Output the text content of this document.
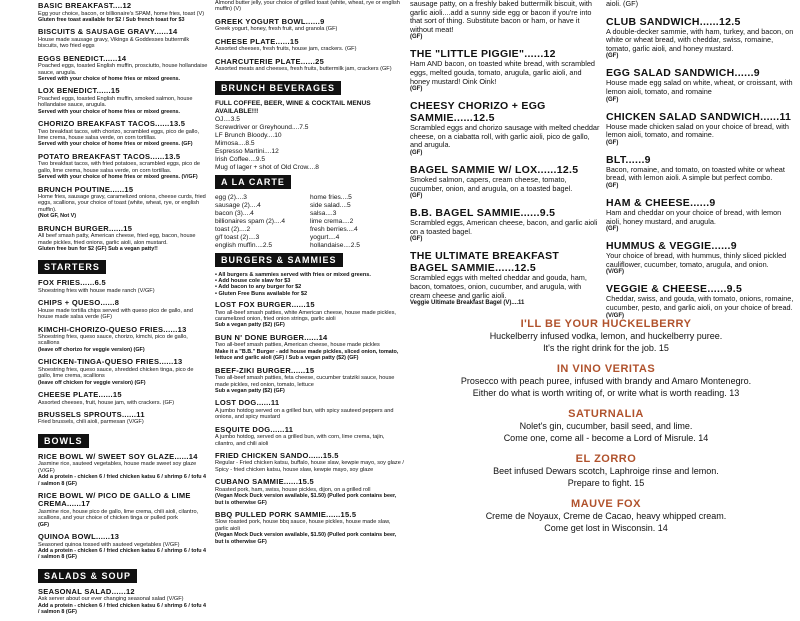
BASIC BREAKFAST....12
Egg your choice, bacon, or billionaire's SPAM, home fries, toast (V)
Gluten free toast available for $2 / Sub french toast for $3
BISCUITS & SAUSAGE GRAVY......14
House made sausage gravy, Vikings & Goddesses buttermilk biscuits, two fried eggs
EGGS BENEDICT......14
Poached eggs, toasted English muffin, prosciutto, house hollandaise sauce, arugula.
Served with your choice of home fries or mixed greens.
LOX BENEDICT......15
Poached eggs, toasted English muffin, smoked salmon, house hollandaise sauce, arugula.
Served with your choice of home fries or mixed greens.
CHORIZO BREAKFAST TACOS......13.5
Two breakfast tacos, with chorizo, scrambled eggs, pico de gallo, lime crema, house salsa verde, on corn tortillas.
Served with your choice of home fries or mixed greens. (GF)
POTATO BREAKFAST TACOS......13.5
Two breakfast tacos, with fried potatoes, scrambled eggs, pico de gallo, lime crema, house salsa verde, on corn tortillas.
Served with your choice of home fries or mixed greens. (V/GF)
BRUNCH POUTINE......15
Home fries, sausage gravy, caramelized onions, cheese curds, fried eggs, scallions, your choice of toast (white, wheat, rye, or english muffin).
(Not GF, Not V)
BRUNCH BURGER......15
All beef smash patty, American cheese, fried egg, bacon, house made pickles, fried onions, garlic aioli, alon mustard.
Gluten free bun for $2 (GF) Sub a vegan patty!!
STARTERS
FOX FRIES......6.5
Shoestring fries with house made ranch (V/GF)
CHIPS + QUESO......8
House made tortilla chips served with queso pico de gallo, and house made salsa verde (GF)
KIMCHI-CHORIZO-QUESO FRIES......13
Shoestring fries, queso sauce, chorizo, kimchi, pico de gallo, scallions
(leave off chorizo for veggie version) (GF)
CHICKEN-TINGA-QUESO FRIES......13
Shoestring fries, queso sauce, shredded chicken tinga, pico de gallo, lime crema, scallions
(leave off chicken for veggie version) (GF)
CHEESE PLATE......15
Assorted cheeses, fruit, house jam, with crackers. (GF)
BRUSSELS SPROUTS......11
Fried brussels, chili aioli, parmesan (V/GF)
BOWLS
RICE BOWL W/ SWEET SOY GLAZE......14
Jasmine rice, sauteed vegetables, house made sweet soy glaze (V/GF)
Add a protein - chicken 6 / fried chicken katsu 6 / shrimp 6 / tofu 4 / salmon 8 (GF)
RICE BOWL W/ PICO DE GALLO & LIME CREMA......17
Jasmine rice, house pico de gallo, lime crema, chili aioli, cilantro, scallions, and your choice of chicken tinga or pulled pork
(GF)
QUINOA BOWL......13
Seasoned quinoa tossed with sauteed vegetables (V/GF)
Add a protein - chicken 6 / fried chicken katsu 6 / shrimp 6 / tofu 4 / salmon 8 (GF)
SALADS & SOUP
SEASONAL SALAD......12
Ask server about our ever changing seasonal salad (V/GF)
Add a protein - chicken 6 / fried chicken katsu 6 / shrimp 6 / tofu 4 / salmon 8 (GF)
Almond butter jelly, your choice of grilled toast (white, wheat, rye or english muffin) (V)
GREEK YOGURT BOWL......9
Greek yogurt, honey, fresh fruit, and granola (GF)
CHEESE PLATE......15
Assorted cheeses, fresh fruits, house jam, crackers. (GF)
CHARCUTERIE PLATE......25
Assorted meats and cheeses, fresh fruits, buttermilk jam, crackers (GF)
BRUNCH BEVERAGES
FULL COFFEE, BEER, WINE & COCKTAIL MENUS AVAILABLE!!!
OJ....3.5
Screwdriver or Greyhound....7.5
LF Brunch Bloody....10
Mimosa....8.5
Espresso Martini....12
Irish Coffee....9.5
Mug of lager + shot of Old Crow....8
A LA CARTE
egg (2)....3
sausage (2)....4
bacon (3)....4
billionaires spam (2)....4
toast (2)....2
g/f toast (2)....3
english muffin....2.5
home fries....5
side salad....5
salsa....3
lime crema....2
fresh berries....4
yogurt....4
hollandaise....2.5
BURGERS & SAMMIES
• All burgers & sammies served with fries or mixed greens.
• Add house cole slaw for $3
• Add bacon to any burger for $2
• Gluten Free Buns available for $2
LOST FOX BURGER......15
Two all-beef smash patties, white American cheese, house made pickles, caramelized onion, fried onion strings, garlic aioli
Sub a vegan patty ($2) (GF)
BUN N' DONE BURGER......14
Two all-beef smash patties, American cheese, house made pickles
Make it a "B.B." Burger - add house made pickles, sliced onion, tomato, lettuce and garlic aioli (GF) / Sub a vegan patty ($2) (GF)
BEEF-ZIKI BURGER......15
Two all-beef smash patties, feta cheese, cucumber tzatziki sauce, house made pickles, red onion, tomato, lettuce
Sub a vegan patty ($2) (GF)
LOST DOG......11
A jumbo hotdog served on a grilled bun, with spicy sauteed peppers and onions, and spicy mustard
ESQUITE DOG......11
A jumbo hotdog, served on a grilled bun, with corn, lime crema, tajin, cilantro, and chili aioli
FRIED CHICKEN SANDO......15.5
Regular - Fried chicken katsu, buffalo, house slaw, kewpie mayo, soy glaze / Spicy - fried chicken katsu, house slaw, kewpie mayo, soy glaze
CUBANO SAMMIE......15.5
Roasted pork, ham, swiss, house pickles, dijon, on a grilled roll
(Vegan Mock Duck version available, $1.50) (Pulled pork contains beer, but is otherwise GF)
BBQ PULLED PORK SAMMIE......15.5
Slow roasted pork, house bbq sauce, house pickles, house made slaw, garlic aioli
(Vegan Mock Duck version available, $1.50) (Pulled pork contains beer, but is otherwise GF)
sausage patty, on a freshly baked buttermilk biscuit, with garlic aioli....add a sunny side egg or bacon if you're into that sort of thing. Substitute bacon or ham, or have it without meat!
(GF)
THE "LITTLE PIGGIE"......12
Ham AND bacon, on toasted white bread, with scrambled eggs, melted gouda, tomato, arugula, garlic aioli, and honey mustard! Oink Oink!
(GF)
CHEESY CHORIZO + EGG SAMMIE......12.5
Scrambled eggs and chorizo sausage with melted cheddar cheese, on a ciabatta roll, with garlic aioli, pico de gallo, and arugula.
(GF)
BAGEL SAMMIE W/ LOX......12.5
Smoked salmon, capers, cream cheese, tomato, cucumber, onion, and arugula, on a toasted bagel.
(GF)
B.B. BAGEL SAMMIE......9.5
Scrambled eggs, American cheese, bacon, and garlic aioli on a toasted bagel.
(GF)
THE ULTIMATE BREAKFAST BAGEL SAMMIE......12.5
Scrambled eggs with melted cheddar and gouda, ham, bacon, tomatoes, onion, cucumber, and arugula, with cream cheese and garlic aioli.
Veggie Ultimate Breakfast Bagel (V)....11
aioli. (GF)
CLUB SANDWICH......12.5
A double-decker sammie, with ham, turkey, and bacon, on white or wheat bread, with cheddar, swiss, romaine, tomato, garlic aioli, and honey mustard.
(GF)
EGG SALAD SANDWICH......9
House made egg salad on white, wheat, or croissant, with lemon aioli, tomato, and romaine
(GF)
CHICKEN SALAD SANDWICH......11
House made chicken salad on your choice of bread, with lemon aioli, tomato, and romaine.
(GF)
BLT......9
Bacon, romaine, and tomato, on toasted white or wheat bread, with lemon aioli. A simple but perfect combo.
(GF)
HAM & CHEESE......9
Ham and cheddar on your choice of bread, with lemon aioli, honey mustard, and arugula.
(GF)
HUMMUS & VEGGIE......9
Your choice of bread, with hummus, thinly sliced pickled cauliflower, cucumber, tomato, arugula, and onion.
(V/GF)
VEGGIE & CHEESE......9.5
Cheddar, swiss, and gouda, with tomato, onions, romaine, cucumber, pesto, and garlic aioli, on your choice of bread.
(V/GF)
I'LL BE YOUR HUCKELBERRY
Huckelberry infused vodka, lemon, and huckelberry puree.
It's the right drink for the job. 15
IN VINO VERITAS
Prosecco with peach puree, infused with brandy and Amaro Montenegro.
Either do what is worth writing of, or write what is worth reading. 13
SATURNALIA
Nolet's gin, cucumber, basil seed, and lime.
Come one, come all - become a Lord of Misrule. 14
EL ZORRO
Beet infused Dewars scotch, Laphroige rinse and lemon.
Prepare to fight. 15
MAUVE FOX
Creme de Noyaux, Creme de Cacao, heavy whipped cream.
Come get lost in Wisconsin. 14
